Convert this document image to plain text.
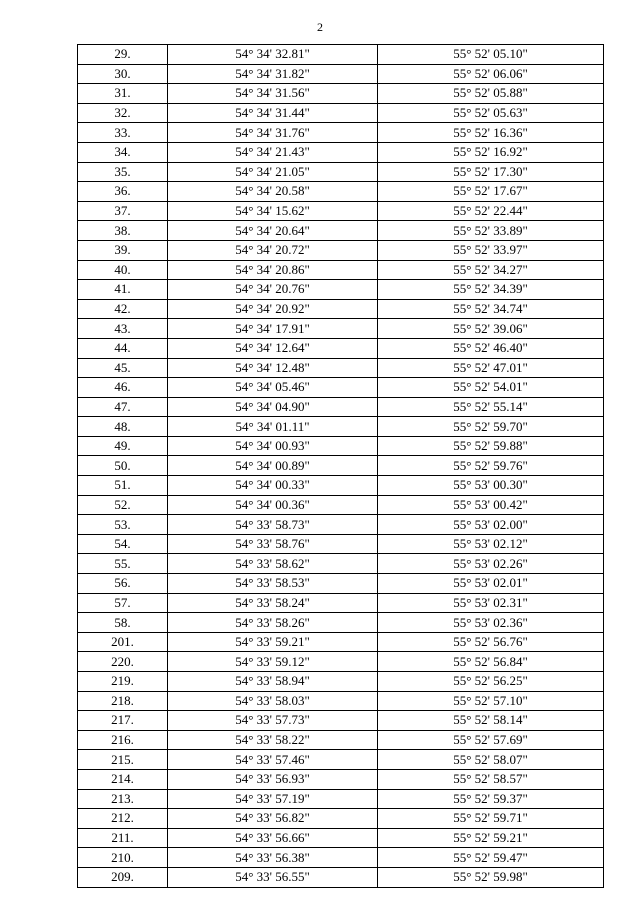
2
29.	54° 34' 32.81"	55° 52' 05.10"
30.	54° 34' 31.82"	55° 52' 06.06"
31.	54° 34' 31.56"	55° 52' 05.88"
32.	54° 34' 31.44"	55° 52' 05.63"
33.	54° 34' 31.76"	55° 52' 16.36"
34.	54° 34' 21.43"	55° 52' 16.92"
35.	54° 34' 21.05"	55° 52' 17.30"
36.	54° 34' 20.58"	55° 52' 17.67"
37.	54° 34' 15.62"	55° 52' 22.44"
38.	54° 34' 20.64"	55° 52' 33.89"
39.	54° 34' 20.72"	55° 52' 33.97"
40.	54° 34' 20.86"	55° 52' 34.27"
41.	54° 34' 20.76"	55° 52' 34.39"
42.	54° 34' 20.92"	55° 52' 34.74"
43.	54° 34' 17.91"	55° 52' 39.06"
44.	54° 34' 12.64"	55° 52' 46.40"
45.	54° 34' 12.48"	55° 52' 47.01"
46.	54° 34' 05.46"	55° 52' 54.01"
47.	54° 34' 04.90"	55° 52' 55.14"
48.	54° 34' 01.11"	55° 52' 59.70"
49.	54° 34' 00.93"	55° 52' 59.88"
50.	54° 34' 00.89"	55° 52' 59.76"
51.	54° 34' 00.33"	55° 53' 00.30"
52.	54° 34' 00.36"	55° 53' 00.42"
53.	54° 33' 58.73"	55° 53' 02.00"
54.	54° 33' 58.76"	55° 53' 02.12"
55.	54° 33' 58.62"	55° 53' 02.26"
56.	54° 33' 58.53"	55° 53' 02.01"
57.	54° 33' 58.24"	55° 53' 02.31"
58.	54° 33' 58.26"	55° 53' 02.36"
201.	54° 33' 59.21"	55° 52' 56.76"
220.	54° 33' 59.12"	55° 52' 56.84"
219.	54° 33' 58.94"	55° 52' 56.25"
218.	54° 33' 58.03"	55° 52' 57.10"
217.	54° 33' 57.73"	55° 52' 58.14"
216.	54° 33' 58.22"	55° 52' 57.69"
215.	54° 33' 57.46"	55° 52' 58.07"
214.	54° 33' 56.93"	55° 52' 58.57"
213.	54° 33' 57.19"	55° 52' 59.37"
212.	54° 33' 56.82"	55° 52' 59.71"
211.	54° 33' 56.66"	55° 52' 59.21"
210.	54° 33' 56.38"	55° 52' 59.47"
209.	54° 33' 56.55"	55° 52' 59.98"
